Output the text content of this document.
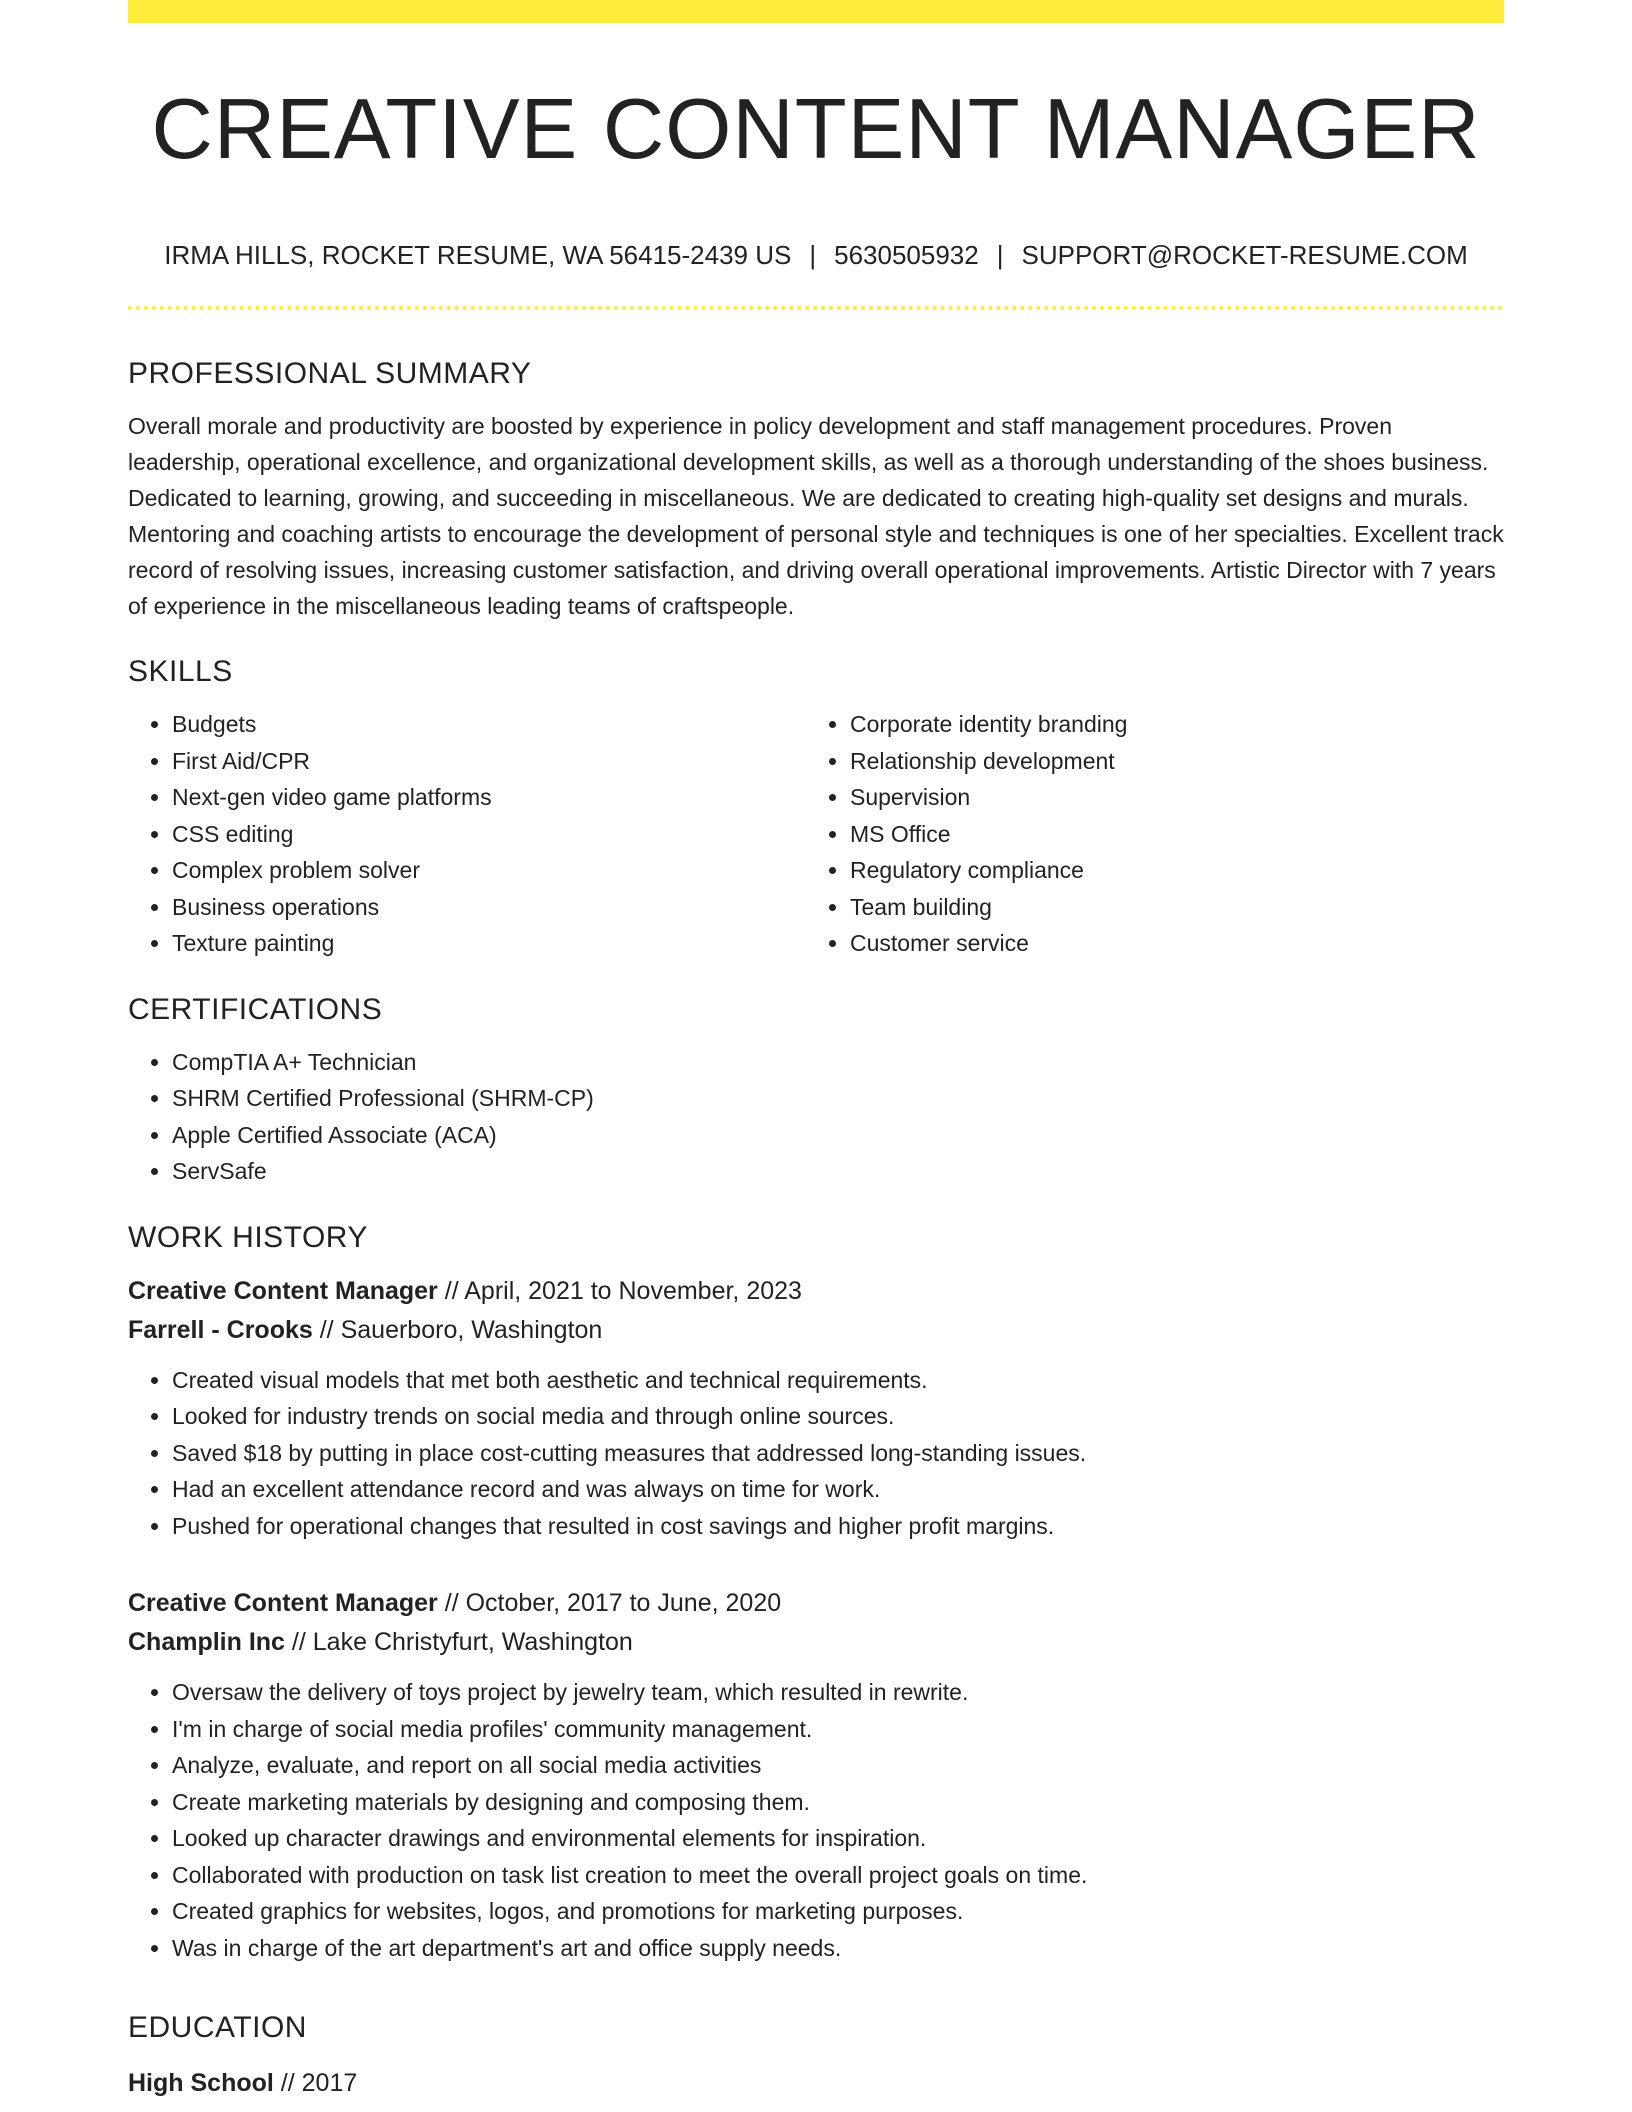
CREATIVE CONTENT MANAGER
IRMA HILLS, ROCKET RESUME, WA 56415-2439 US | 5630505932 | SUPPORT@ROCKET-RESUME.COM
PROFESSIONAL SUMMARY

Overall morale and productivity are boosted by experience in policy development and staff management procedures. Proven leadership, operational excellence, and organizational development skills, as well as a thorough understanding of the shoes business. Dedicated to learning, growing, and succeeding in miscellaneous. We are dedicated to creating high-quality set designs and murals. Mentoring and coaching artists to encourage the development of personal style and techniques is one of her specialties. Excellent track record of resolving issues, increasing customer satisfaction, and driving overall operational improvements. Artistic Director with 7 years of experience in the miscellaneous leading teams of craftspeople.

SKILLS
• Budgets
• First Aid/CPR
• Next-gen video game platforms
• CSS editing
• Complex problem solver
• Business operations
• Texture painting
• Corporate identity branding
• Relationship development
• Supervision
• MS Office
• Regulatory compliance
• Team building
• Customer service
CERTIFICATIONS
• CompTIA A+ Technician
• SHRM Certified Professional (SHRM-CP)
• Apple Certified Associate (ACA)
• ServSafe
WORK HISTORY
Creative Content Manager // April, 2021 to November, 2023
Farrell - Crooks // Sauerboro, Washington
• Created visual models that met both aesthetic and technical requirements.
• Looked for industry trends on social media and through online sources.
• Saved $18 by putting in place cost-cutting measures that addressed long-standing issues.
• Had an excellent attendance record and was always on time for work.
• Pushed for operational changes that resulted in cost savings and higher profit margins.
Creative Content Manager // October, 2017 to June, 2020
Champlin Inc // Lake Christyfurt, Washington
• Oversaw the delivery of toys project by jewelry team, which resulted in rewrite.
• I'm in charge of social media profiles' community management.
• Analyze, evaluate, and report on all social media activities
• Create marketing materials by designing and composing them.
• Looked up character drawings and environmental elements for inspiration.
• Collaborated with production on task list creation to meet the overall project goals on time.
• Created graphics for websites, logos, and promotions for marketing purposes.
• Was in charge of the art department's art and office supply needs.
EDUCATION
High School // 2017
